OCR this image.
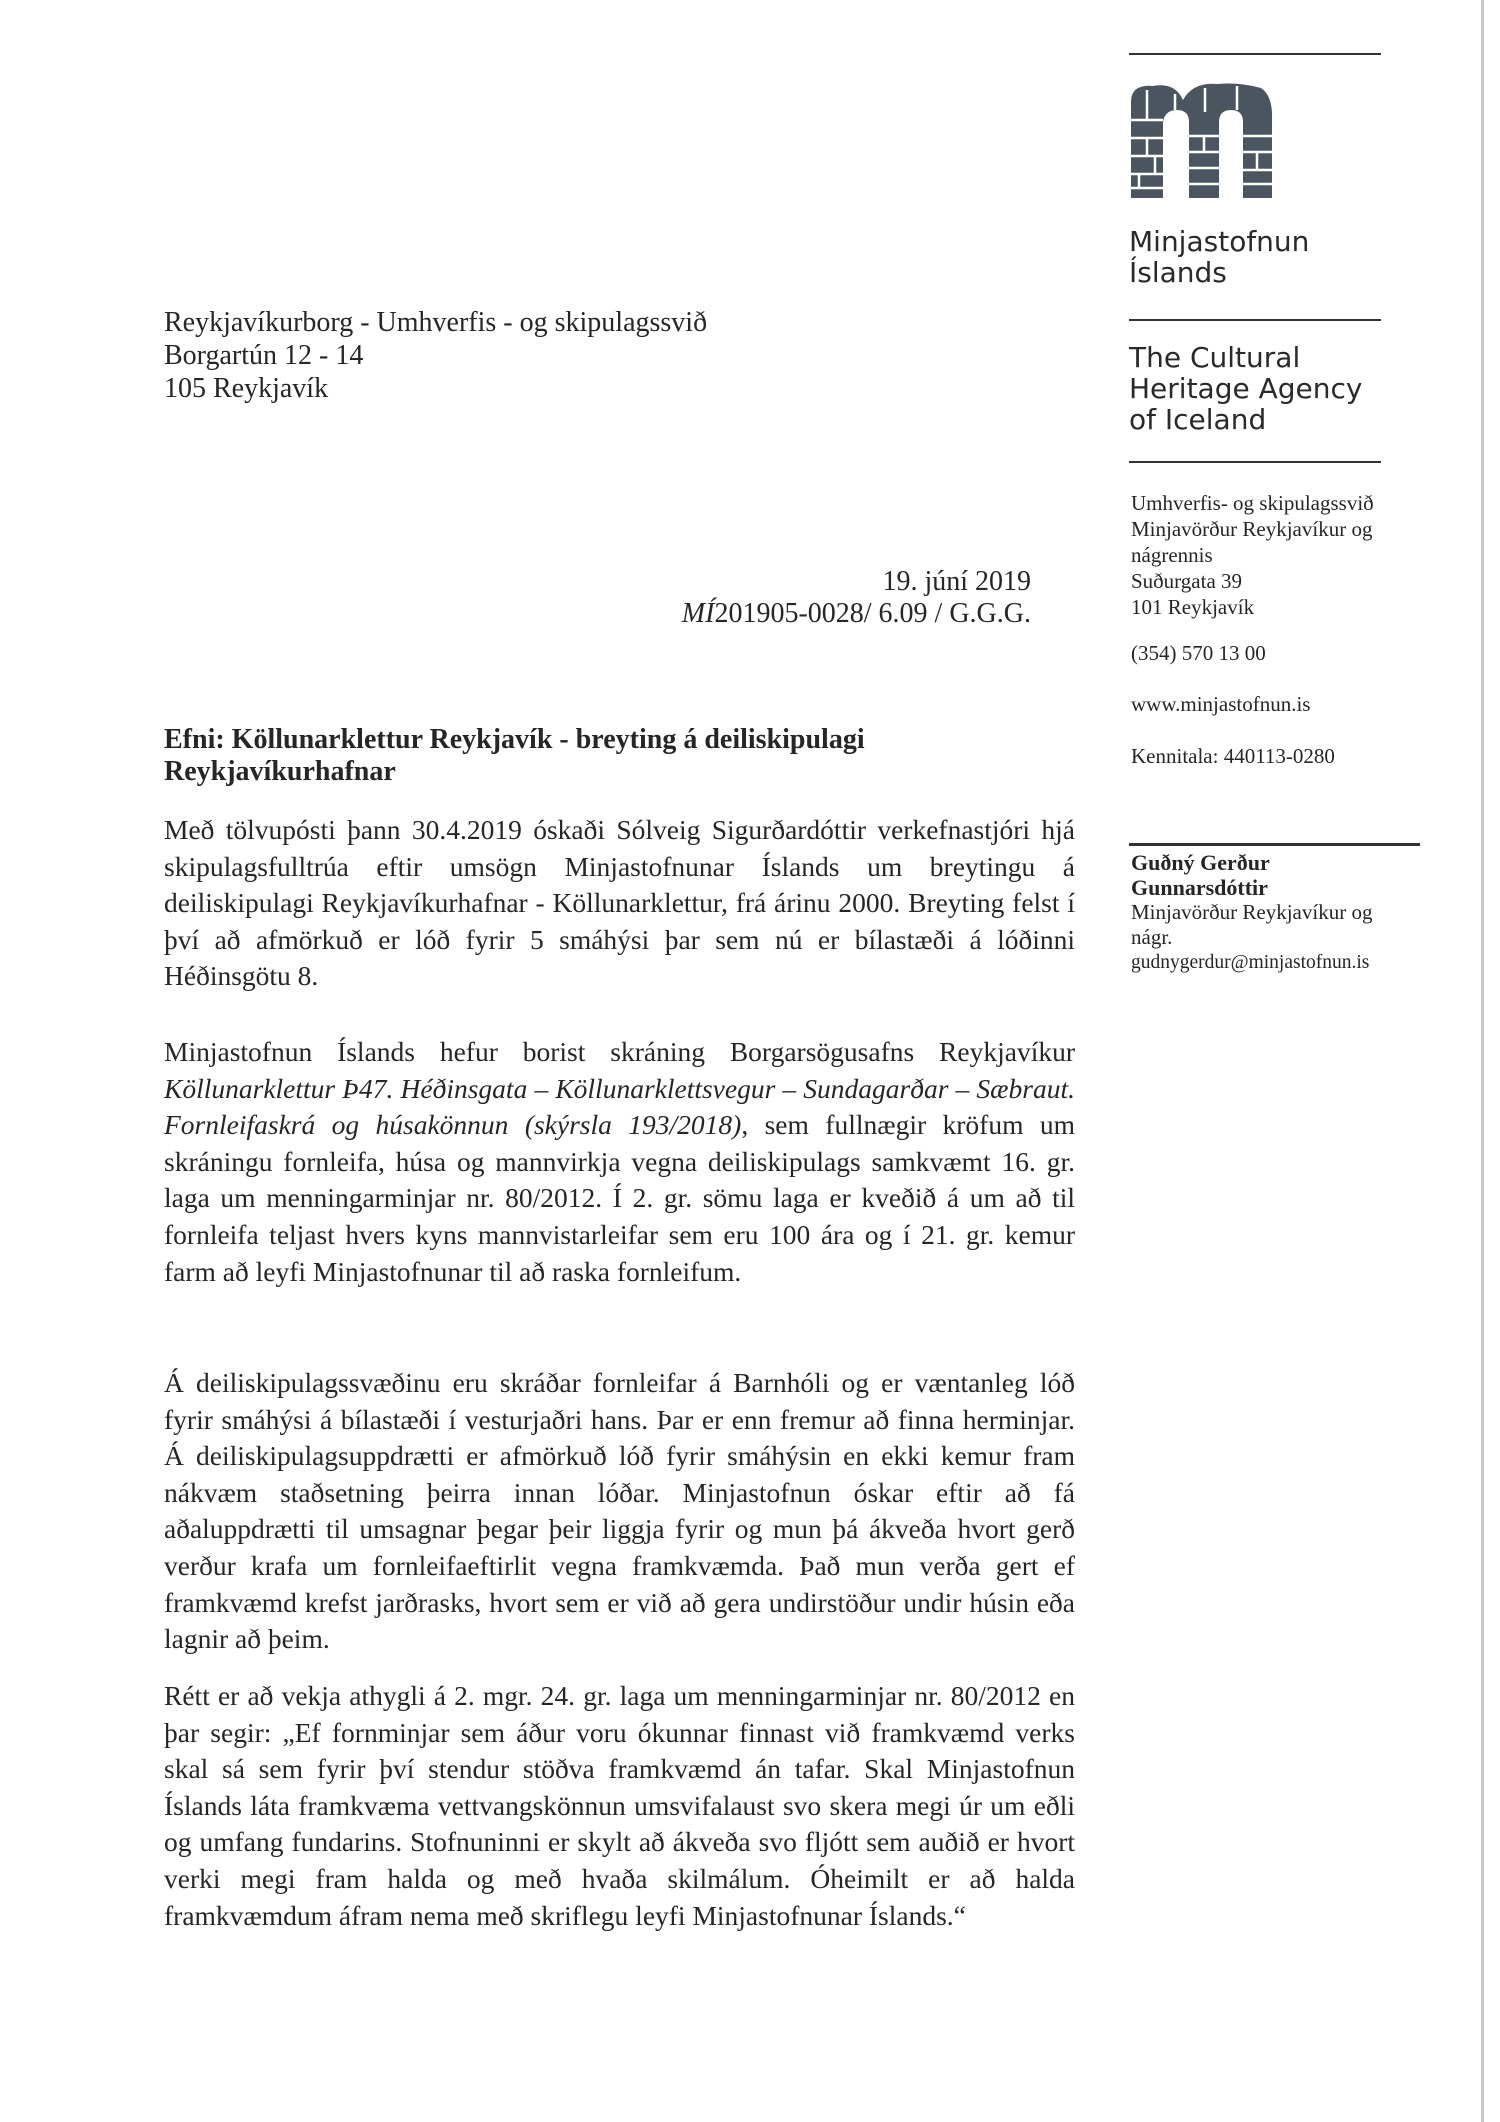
Reykjavíkurborg - Umhverfis - og skipulagssvið
Borgartún 12 - 14
105 Reykjavík
19. júní 2019
MÍ201905-0028/ 6.09 / G.G.G.
Efni: Köllunarklettur Reykjavík - breyting á deiliskipulagi Reykjavíkurhafnar
Með tölvupósti þann 30.4.2019 óskaði Sólveig Sigurðardóttir verkefnastjóri hjá skipulagsfulltrúa eftir umsögn Minjastofnunar Íslands um breytingu á deiliskipulagi Reykjavíkurhafnar - Köllunarklettur, frá árinu 2000. Breyting felst í því að afmörkuð er lóð fyrir 5 smáhýsi þar sem nú er bílastæði á lóðinni Héðinsgötu 8.
Minjastofnun Íslands hefur borist skráning Borgarsögusafns Reykjavíkur Köllunarklettur Þ47. Héðinsgata – Köllunarklettsvegur – Sundagarðar – Sæbraut. Fornleifaskrá og húsakönnun (skýrsla 193/2018), sem fullnægir kröfum um skráningu fornleifa, húsa og mannvirkja vegna deiliskipulags samkvæmt 16. gr. laga um menningarminjar nr. 80/2012. Í 2. gr. sömu laga er kveðið á um að til fornleifa teljast hvers kyns mannvistarleifar sem eru 100 ára og í 21. gr. kemur farm að leyfi Minjastofnunar til að raska fornleifum.
Á deiliskipulagssvæðinu eru skráðar fornleifar á Barnhóli og er væntanleg lóð fyrir smáhýsi á bílastæði í vesturjaðri hans. Þar er enn fremur að finna herminjar. Á deiliskipulagsuppdrætti er afmörkuð lóð fyrir smáhýsin en ekki kemur fram nákvæm staðsetning þeirra innan lóðar. Minjastofnun óskar eftir að fá aðaluppdrætti til umsagnar þegar þeir liggja fyrir og mun þá ákveða hvort gerð verður krafa um fornleifaeftirlit vegna framkvæmda. Það mun verða gert ef framkvæmd krefst jarðrasks, hvort sem er við að gera undirstöður undir húsin eða lagnir að þeim.
Rétt er að vekja athygli á 2. mgr. 24. gr. laga um menningarminjar nr. 80/2012 en þar segir: „Ef fornminjar sem áður voru ókunnar finnast við framkvæmd verks skal sá sem fyrir því stendur stöðva framkvæmd án tafar. Skal Minjastofnun Íslands láta framkvæma vettvangskönnun umsvifalaust svo skera megi úr um eðli og umfang fundarins. Stofnuninni er skylt að ákveða svo fljótt sem auðið er hvort verki megi fram halda og með hvaða skilmálum. Óheimilt er að halda framkvæmdum áfram nema með skriflegu leyfi Minjastofnunar Íslands.“
Minjastofnun
Íslands
The Cultural
Heritage Agency
of Iceland
Umhverfis- og skipulagssvið
Minjavörður Reykjavíkur og
nágrennis
Suðurgata 39
101 Reykjavík
(354) 570 13 00
www.minjastofnun.is
Kennitala: 440113-0280
Guðný Gerður
Gunnarsdóttir
Minjavörður Reykjavíkur og
nágr.
gudnygerdur@minjastofnun.is
